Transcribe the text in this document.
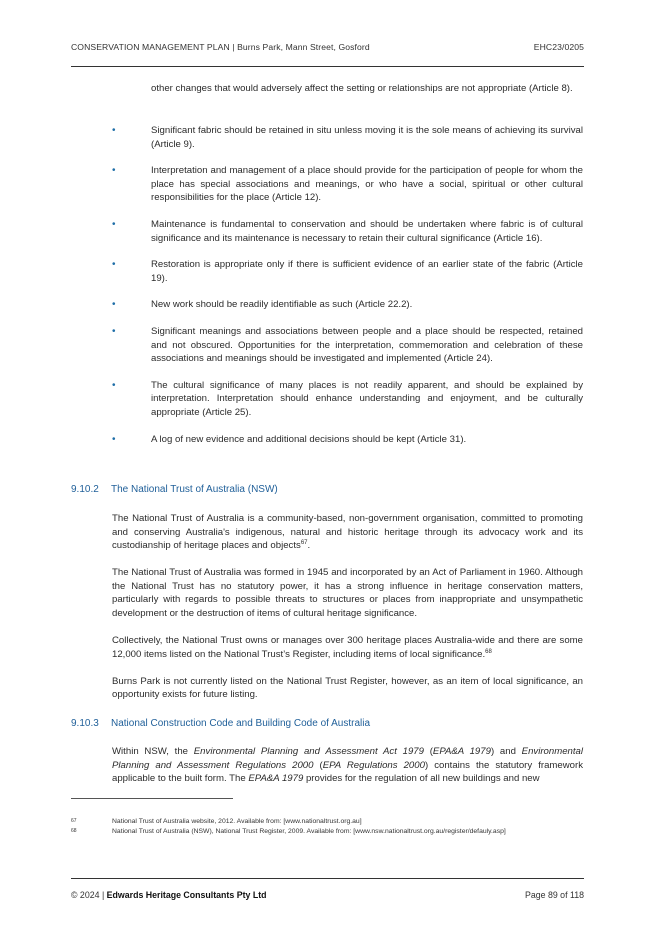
CONSERVATION MANAGEMENT PLAN | Burns Park, Mann Street, Gosford	EHC23/0205
other changes that would adversely affect the setting or relationships are not appropriate (Article 8).
•	Significant fabric should be retained in situ unless moving it is the sole means of achieving its survival (Article 9).
•	Interpretation and management of a place should provide for the participation of people for whom the place has special associations and meanings, or who have a social, spiritual or other cultural responsibilities for the place (Article 12).
•	Maintenance is fundamental to conservation and should be undertaken where fabric is of cultural significance and its maintenance is necessary to retain their cultural significance (Article 16).
•	Restoration is appropriate only if there is sufficient evidence of an earlier state of the fabric (Article 19).
•	New work should be readily identifiable as such (Article 22.2).
•	Significant meanings and associations between people and a place should be respected, retained and not obscured. Opportunities for the interpretation, commemoration and celebration of these associations and meanings should be investigated and implemented (Article 24).
•	The cultural significance of many places is not readily apparent, and should be explained by interpretation. Interpretation should enhance understanding and enjoyment, and be culturally appropriate (Article 25).
•	A log of new evidence and additional decisions should be kept (Article 31).
9.10.2 The National Trust of Australia (NSW)

The National Trust of Australia is a community-based, non-government organisation, committed to promoting and conserving Australia's indigenous, natural and historic heritage through its advocacy work and its custodianship of heritage places and objects$^{67}$.

The National Trust of Australia was formed in 1945 and incorporated by an Act of Parliament in 1960. Although the National Trust has no statutory power, it has a strong influence in heritage conservation matters, particularly with regards to possible threats to structures or places from inappropriate and unsympathetic development or the destruction of items of cultural heritage significance.

Collectively, the National Trust owns or manages over 300 heritage places Australia-wide and there are some 12,000 items listed on the National Trust’s Register, including items of local significance.$^{68}$

Burns Park is not currently listed on the National Trust Register, however, as an item of local significance, an opportunity exists for future listing.

9.10.3 National Construction Code and Building Code of Australia

Within NSW, the Environmental Planning and Assessment Act 1979 (EPA&A 1979) and Environmental Planning and Assessment Regulations 2000 (EPA Regulations 2000) contains the statutory framework applicable to the built form. The EPA&A 1979 provides for the regulation of all new buildings and new

67	National Trust of Australia website, 2012. Available from: [www.nationaltrust.org.au]
68	National Trust of Australia (NSW), National Trust Register, 2009. Available from: [www.nsw.nationaltrust.org.au/register/defauly.asp]
© 2024 | Edwards Heritage Consultants Pty Ltd	Page 89 of 118
